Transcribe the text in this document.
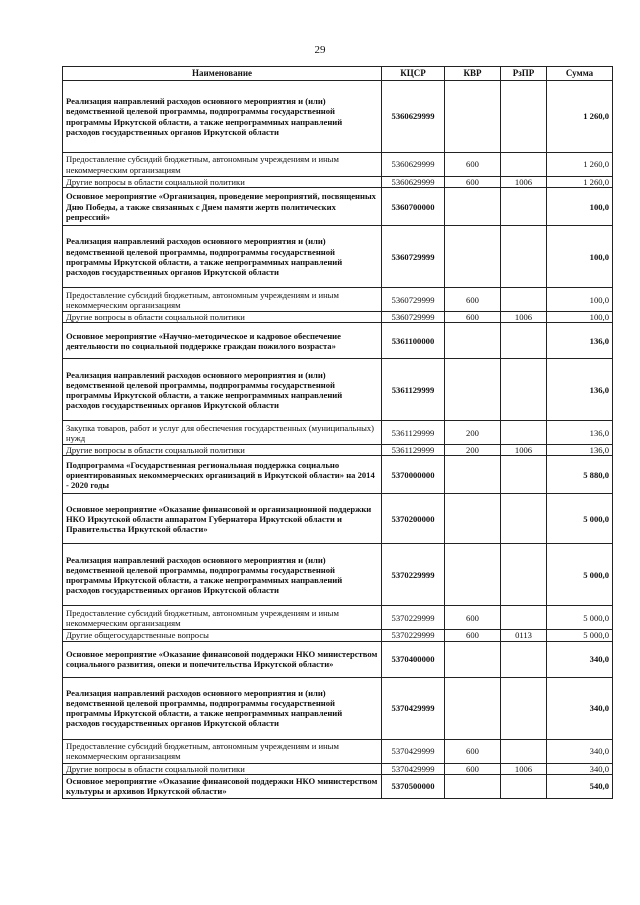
29
Наименование	КЦСР	КВР	РзПР	Сумма
Реализация направлений расходов основного мероприятия и (или) ведомственной целевой программы, подпрограммы государственной программы Иркутской области, а также непрограммных направлений расходов государственных органов Иркутской области	5360629999			1 260,0
Предоставление субсидий бюджетным, автономным учреждениям и иным некоммерческим организациям	5360629999	600		1 260,0
Другие вопросы в области социальной политики	5360629999	600	1006	1 260,0
Основное мероприятие «Организация, проведение мероприятий, посвященных Дню Победы, а также связанных с Днем памяти жертв политических репрессий»	5360700000			100,0
Реализация направлений расходов основного мероприятия и (или) ведомственной целевой программы, подпрограммы государственной программы Иркутской области, а также непрограммных направлений расходов государственных органов Иркутской области	5360729999			100,0
Предоставление субсидий бюджетным, автономным учреждениям и иным некоммерческим организациям	5360729999	600		100,0
Другие вопросы в области социальной политики	5360729999	600	1006	100,0
Основное мероприятие «Научно-методическое и кадровое обеспечение деятельности по социальной поддержке граждан пожилого возраста»	5361100000			136,0
Реализация направлений расходов основного мероприятия и (или) ведомственной целевой программы, подпрограммы государственной программы Иркутской области, а также непрограммных направлений расходов государственных органов Иркутской области	5361129999			136,0
Закупка товаров, работ и услуг для обеспечения государственных (муниципальных) нужд	5361129999	200		136,0
Другие вопросы в области социальной политики	5361129999	200	1006	136,0
Подпрограмма «Государственная региональная поддержка социально ориентированных некоммерческих организаций в Иркутской области» на 2014 - 2020 годы	5370000000			5 880,0
Основное мероприятие «Оказание финансовой и организационной поддержки НКО Иркутской области аппаратом Губернатора Иркутской области и Правительства Иркутской области»	5370200000			5 000,0
Реализация направлений расходов основного мероприятия и (или) ведомственной целевой программы, подпрограммы государственной программы Иркутской области, а также непрограммных направлений расходов государственных органов Иркутской области	5370229999			5 000,0
Предоставление субсидий бюджетным, автономным учреждениям и иным некоммерческим организациям	5370229999	600		5 000,0
Другие общегосударственные вопросы	5370229999	600	0113	5 000,0
Основное мероприятие «Оказание финансовой поддержки НКО министерством социального развития, опеки и попечительства Иркутской области»	5370400000			340,0
Реализация направлений расходов основного мероприятия и (или) ведомственной целевой программы, подпрограммы государственной программы Иркутской области, а также непрограммных направлений расходов государственных органов Иркутской области	5370429999			340,0
Предоставление субсидий бюджетным, автономным учреждениям и иным некоммерческим организациям	5370429999	600		340,0
Другие вопросы в области социальной политики	5370429999	600	1006	340,0
Основное мероприятие «Оказание финансовой поддержки НКО министерством культуры и архивов Иркутской области»	5370500000			540,0
